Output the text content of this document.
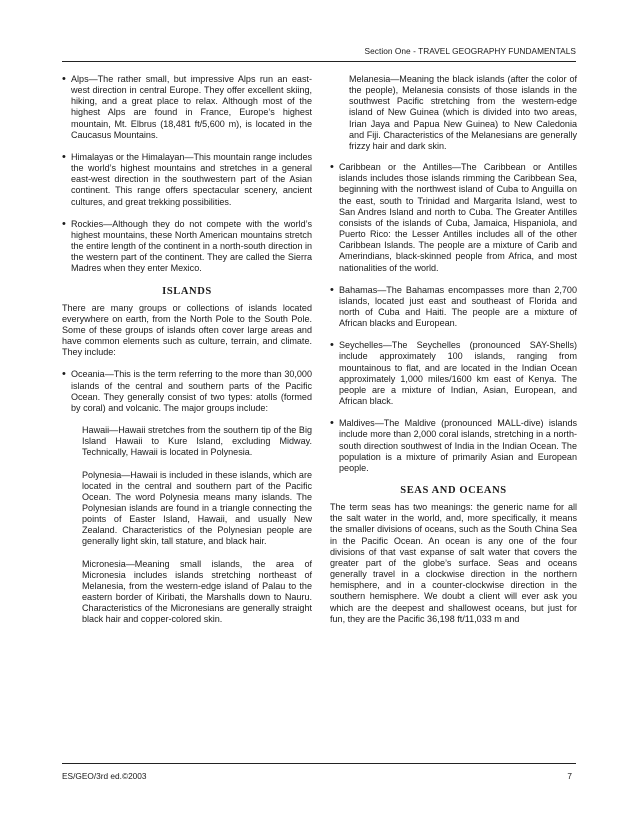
Section One - TRAVEL GEOGRAPHY FUNDAMENTALS
• Alps—The rather small, but impressive Alps run an east-west direction in central Europe. They offer excellent skiing, hiking, and a great place to relax. Although most of the highest Alps are found in France, Europe’s highest mountain, Mt. Elbrus (18,481 ft/5,600 m), is located in the Caucasus Mountains.
• Himalayas or the Himalayan—This mountain range includes the world’s highest mountains and stretches in a general east-west direction in the southwestern part of the Asian continent. This range offers spectacular scenery, ancient cultures, and great trekking possibilities.
• Rockies—Although they do not compete with the world’s highest mountains, these North American mountains stretch the entire length of the continent in a north-south direction in the western part of the continent. They are called the Sierra Madres when they enter Mexico.
ISLANDS

There are many groups or collections of islands located everywhere on earth, from the North Pole to the South Pole. Some of these groups of islands often cover large areas and have common elements such as culture, terrain, and climate. They include:

• Oceania—This is the term referring to the more than 30,000 islands of the central and southern parts of the Pacific Ocean. They generally consist of two types: atolls (formed by coral) and volcanic. The major groups include:

Hawaii—Hawaii stretches from the southern tip of the Big Island Hawaii to Kure Island, excluding Midway. Technically, Hawaii is located in Polynesia.

Polynesia—Hawaii is included in these islands, which are located in the central and southern part of the Pacific Ocean. The word Polynesia means many islands. The Polynesian islands are found in a triangle connecting the points of Easter Island, Hawaii, and usually New Zealand. Characteristics of the Polynesian people are generally light skin, tall stature, and black hair.

Micronesia—Meaning small islands, the area of Micronesia includes islands stretching northeast of Melanesia, from the western-edge island of Palau to the eastern border of Kiribati, the Marshalls down to Nauru. Characteristics of the Micronesians are generally straight black hair and copper-colored skin.

Melanesia—Meaning the black islands (after the color of the people), Melanesia consists of those islands in the southwest Pacific stretching from the western-edge island of New Guinea (which is divided into two areas, Irian Jaya and Papua New Guinea) to New Caledonia and Fiji. Characteristics of the Melanesians are generally frizzy hair and dark skin.

• Caribbean or the Antilles—The Caribbean or Antilles islands includes those islands rimming the Caribbean Sea, beginning with the northwest island of Cuba to Anguilla on the east, south to Trinidad and Margarita Island, west to San Andres Island and north to Cuba. The Greater Antilles consists of the islands of Cuba, Jamaica, Hispaniola, and Puerto Rico: the Lesser Antilles includes all of the other Caribbean Islands. The people are a mixture of Carib and Amerindians, black-skinned people from Africa, and most nationalities of the world.
• Bahamas—The Bahamas encompasses more than 2,700 islands, located just east and southeast of Florida and north of Cuba and Haiti. The people are a mixture of African blacks and European.
• Seychelles—The Seychelles (pronounced SAY-Shells) include approximately 100 islands, ranging from mountainous to flat, and are located in the Indian Ocean approximately 1,000 miles/1600 km east of Kenya. The people are a mixture of Indian, Asian, European, and African black.
• Maldives—The Maldive (pronounced MALL-dive) islands include more than 2,000 coral islands, stretching in a north-south direction southwest of India in the Indian Ocean. The population is a mixture of primarily Asian and European people.
SEAS AND OCEANS

The term seas has two meanings: the generic name for all the salt water in the world, and, more specifically, it means the smaller divisions of oceans, such as the South China Sea in the Pacific Ocean. An ocean is any one of the four divisions of that vast expanse of salt water that covers the greater part of the globe’s surface. Seas and oceans generally travel in a clockwise direction in the northern hemisphere, and in a counter-clockwise direction in the southern hemisphere. We doubt a client will ever ask you which are the deepest and shallowest oceans, but just for fun, they are the Pacific 36,198 ft/11,033 m and

ES/GEO/3rd ed.©2003	7
